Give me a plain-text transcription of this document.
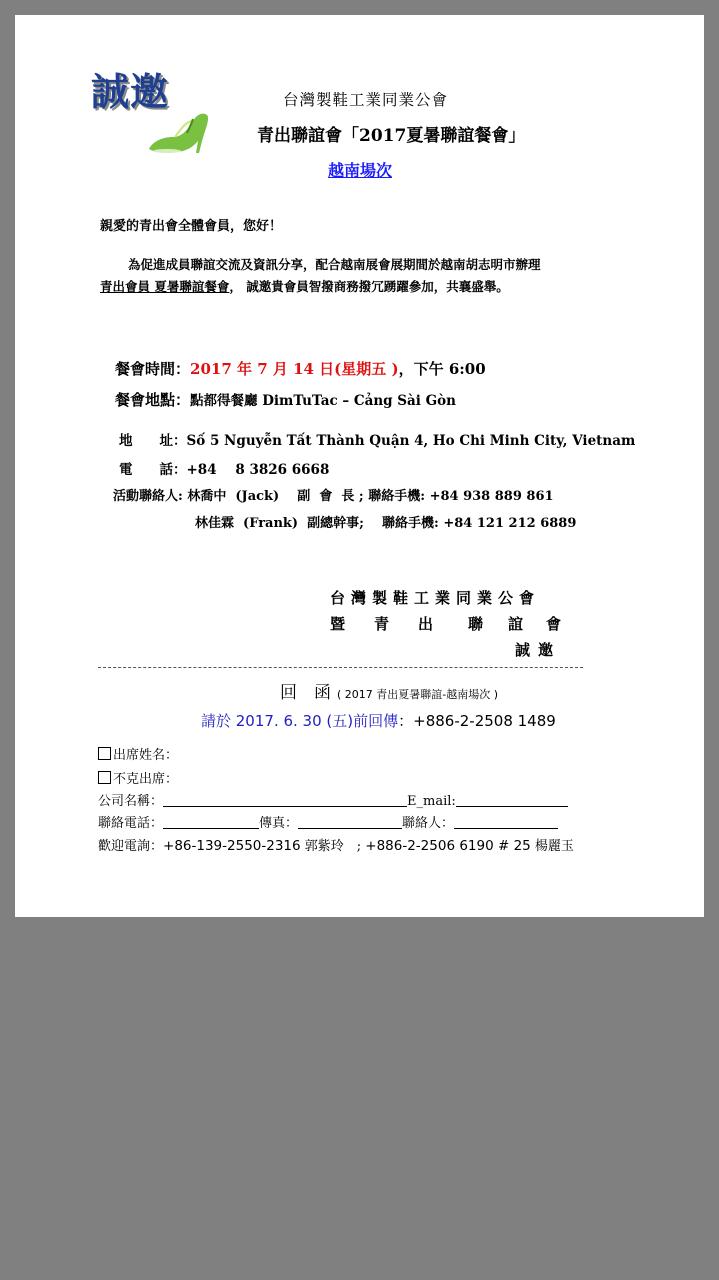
誠邀	台灣製鞋工業同業公會
青出聯誼會「2017夏暑聯誼餐會」
越南場次
親愛的青出會全體會員，您好！
為促進成員聯誼交流及資訊分享，配合越南展會展期間於越南胡志明市辦理
青出會員 夏暑聯誼餐會， 誠邀貴會員智撥商務撥冗踴躍參加，共襄盛舉。
餐會時間：2017 年 7 月 14 日(星期五 )，下午 6:00
餐會地點：點都得餐廳 DimTuTac – Cảng Sài Gòn
地　　址：Số 5 Nguyễn Tất Thành Quận 4, Ho Chi Minh City, Vietnam
電　　話：+84    8 3826 6668
活動聯絡人: 林喬中  (Jack)    副  會  長 ; 聯絡手機: +84 938 889 861
林佳霖  (Frank)  副總幹事;    聯絡手機: +84 121 212 6889
台灣製鞋工業同業公會
暨 青 出 聯 誼 會
誠邀
回　函 ( 2017 青出夏暑聯誼-越南場次 )
請於 2017. 6. 30 (五)前回傳：+886-2-2508 1489
出席姓名：
不克出席：
公司名稱：	E_mail:
聯絡電話：	傳真：	聯絡人：
歡迎電詢：+86-139-2550-2316 郭紫玲　; +886-2-2506 6190 # 25 楊麗玉
